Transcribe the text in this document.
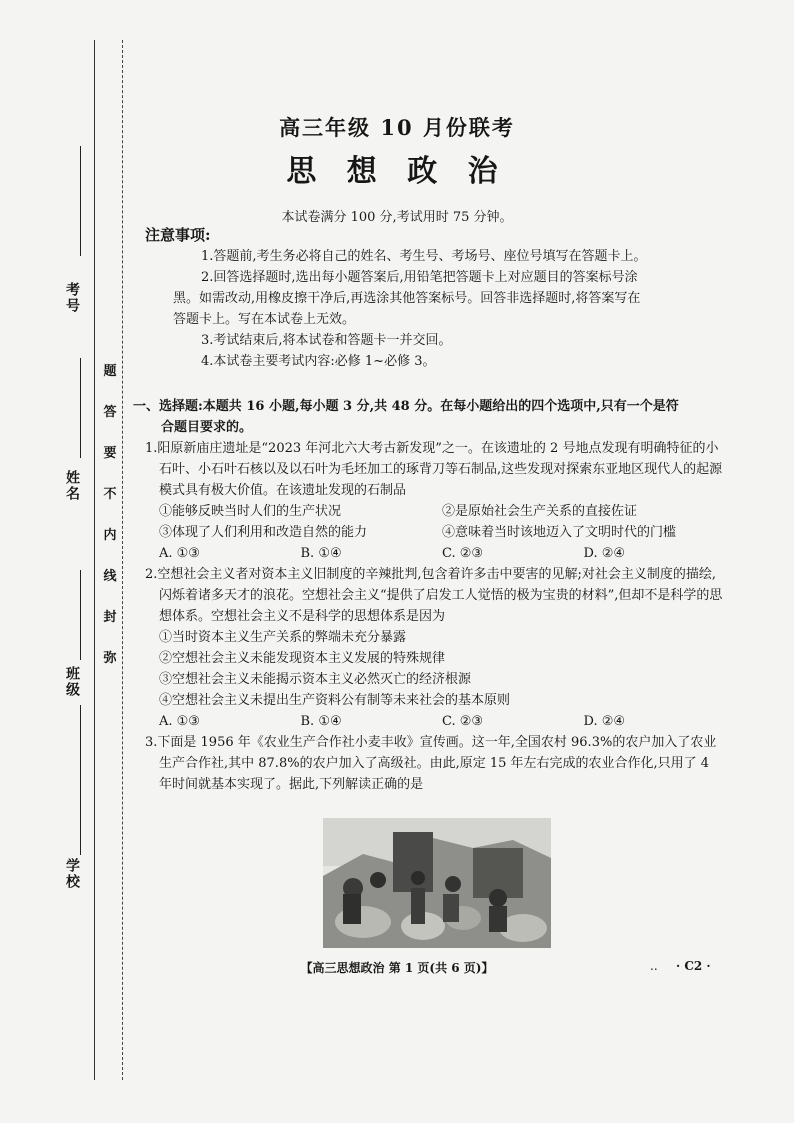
考号
姓名
班级
学校
题
答
要
不
内
线
封
弥
高三年级 10 月份联考
思 想 政 治
本试卷满分 100 分,考试用时 75 分钟。
注意事项:

1.答题前,考生务必将自己的姓名、考生号、考场号、座位号填写在答题卡上。

2.回答选择题时,选出每小题答案后,用铅笔把答题卡上对应题目的答案标号涂

黑。如需改动,用橡皮擦干净后,再选涂其他答案标号。回答非选择题时,将答案写在

答题卡上。写在本试卷上无效。

3.考试结束后,将本试卷和答题卡一并交回。

4.本试卷主要考试内容:必修 1~必修 3。

一、选择题:本题共 16 小题,每小题 3 分,共 48 分。在每小题给出的四个选项中,只有一个是符
合题目要求的。

1.阳原新庙庄遗址是“2023 年河北六大考古新发现”之一。在该遗址的 2 号地点发现有明确特征的小石叶、小石叶石核以及以石叶为毛坯加工的琢背刀等石制品,这些发现对探索东亚地区现代人的起源模式具有极大价值。在该遗址发现的石制品

①能够反映当时人们的生产状况	②是原始社会生产关系的直接佐证
③体现了人们利用和改造自然的能力	④意味着当时该地迈入了文明时代的门槛
A. ①③	B. ①④	C. ②③	D. ②④

2.空想社会主义者对资本主义旧制度的辛辣批判,包含着许多击中要害的见解;对社会主义制度的描绘,闪烁着诸多天才的浪花。空想社会主义“提供了启发工人觉悟的极为宝贵的材料”,但却不是科学的思想体系。空想社会主义不是科学的思想体系是因为

①当时资本主义生产关系的弊端未充分暴露

②空想社会主义未能发现资本主义发展的特殊规律

③空想社会主义未能揭示资本主义必然灭亡的经济根源

④空想社会主义未提出生产资料公有制等未来社会的基本原则

A. ①③	B. ①④	C. ②③	D. ②④

3.下面是 1956 年《农业生产合作社小麦丰收》宣传画。这一年,全国农村 96.3%的农户加入了农业生产合作社,其中 87.8%的农户加入了高级社。由此,原定 15 年左右完成的农业合作化,只用了 4 年时间就基本实现了。据此,下列解读正确的是

【高三思想政治 第 1 页(共 6 页)】	.. · C2 ·
